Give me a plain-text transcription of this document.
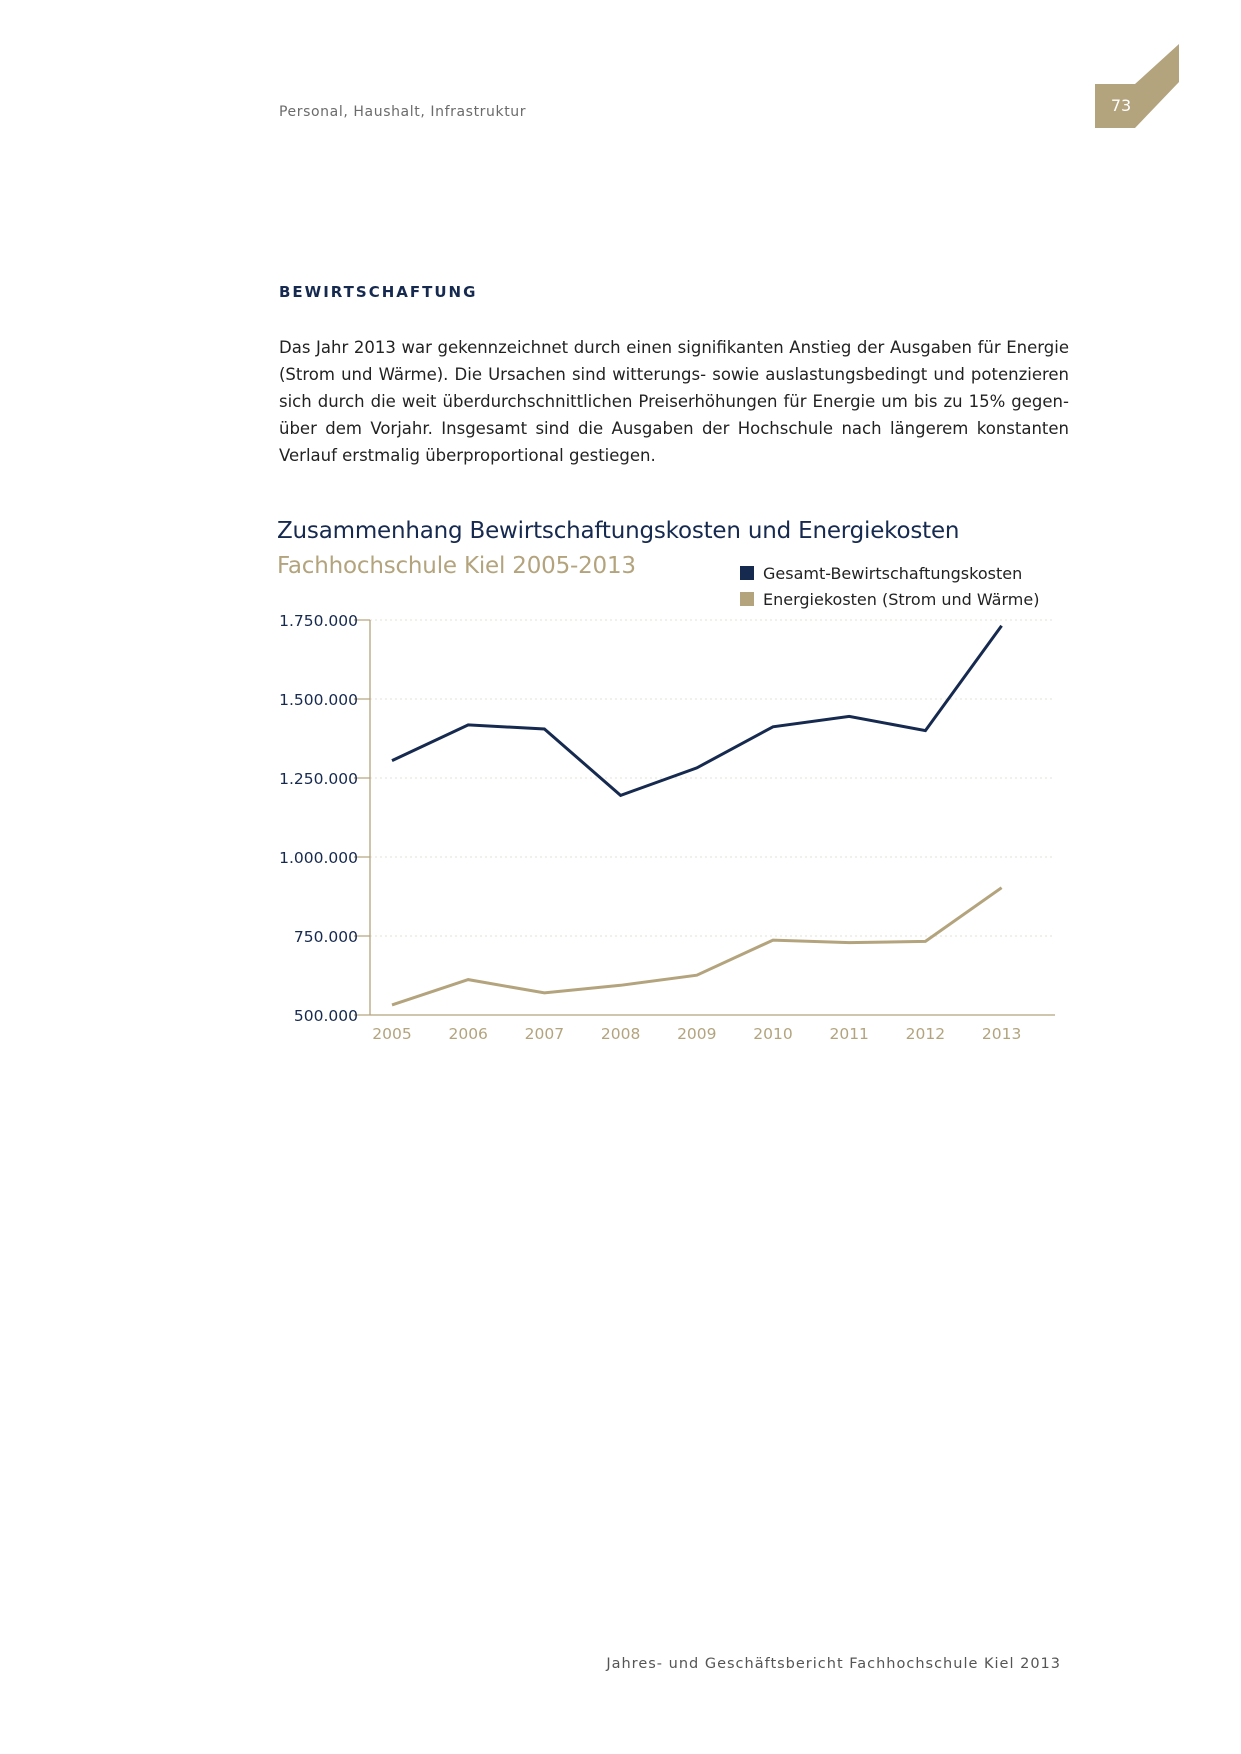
Personal, Haushalt, Infrastruktur	73
BEWIRTSCHAFTUNG
Das Jahr 2013 war gekennzeichnet durch einen signifikanten Anstieg der Ausgaben für Energie (Strom und Wärme). Die Ursachen sind witterungs- sowie auslastungsbedingt und potenzieren sich durch die weit überdurchschnittlichen Preiserhöhungen für Energie um bis zu 15% gegenüber dem Vorjahr. Insgesamt sind die Ausgaben der Hochschule nach längerem konstanten Verlauf erstmalig überproportional gestiegen.
Zusammenhang Bewirtschaftungskosten und Energiekosten
Fachhochschule Kiel 2005-2013	Gesamt-Bewirtschaftungskosten
Energiekosten (Strom und Wärme)
1.750.000
1.500.000
1.250.000
1.000.000
750.000
500.000
2005 2006 2007 2008 2009 2010 2011 2012 2013
Jahres- und Geschäftsbericht Fachhochschule Kiel 2013
